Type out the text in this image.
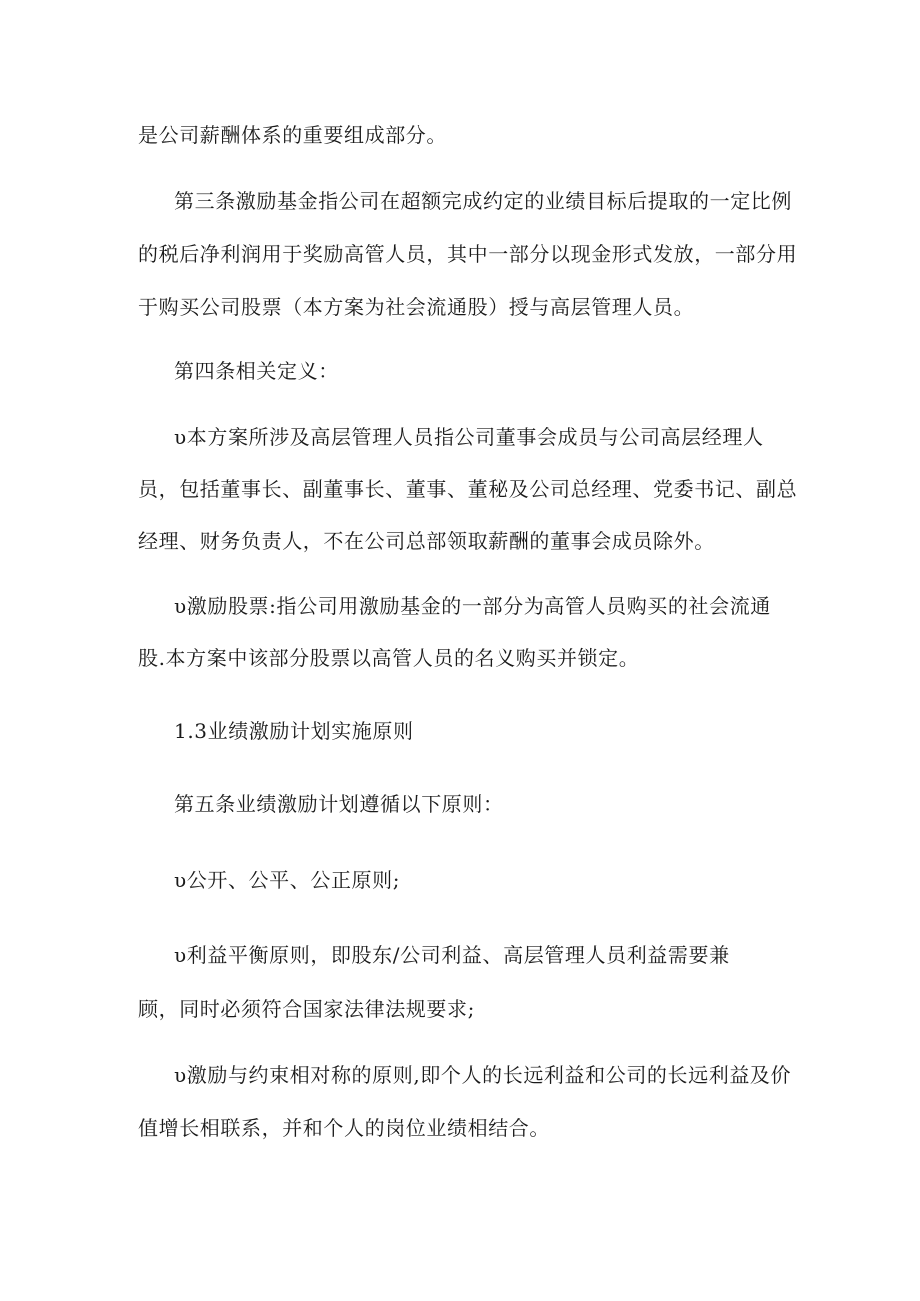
是公司薪酬体系的重要组成部分。
第三条激励基金指公司在超额完成约定的业绩目标后提取的一定比例
的税后净利润用于奖励高管人员，其中一部分以现金形式发放，一部分用
于购买公司股票（本方案为社会流通股）授与高层管理人员。
第四条相关定义：
υ本方案所涉及高层管理人员指公司董事会成员与公司高层经理人
员，包括董事长、副董事长、董事、董秘及公司总经理、党委书记、副总
经理、财务负责人，不在公司总部领取薪酬的董事会成员除外。
υ激励股票:指公司用激励基金的一部分为高管人员购买的社会流通
股.本方案中该部分股票以高管人员的名义购买并锁定。
1.3业绩激励计划实施原则
第五条业绩激励计划遵循以下原则：
υ公开、公平、公正原则;
υ利益平衡原则，即股东/公司利益、高层管理人员利益需要兼
顾，同时必须符合国家法律法规要求;
υ激励与约束相对称的原则,即个人的长远利益和公司的长远利益及价
值增长相联系，并和个人的岗位业绩相结合。
